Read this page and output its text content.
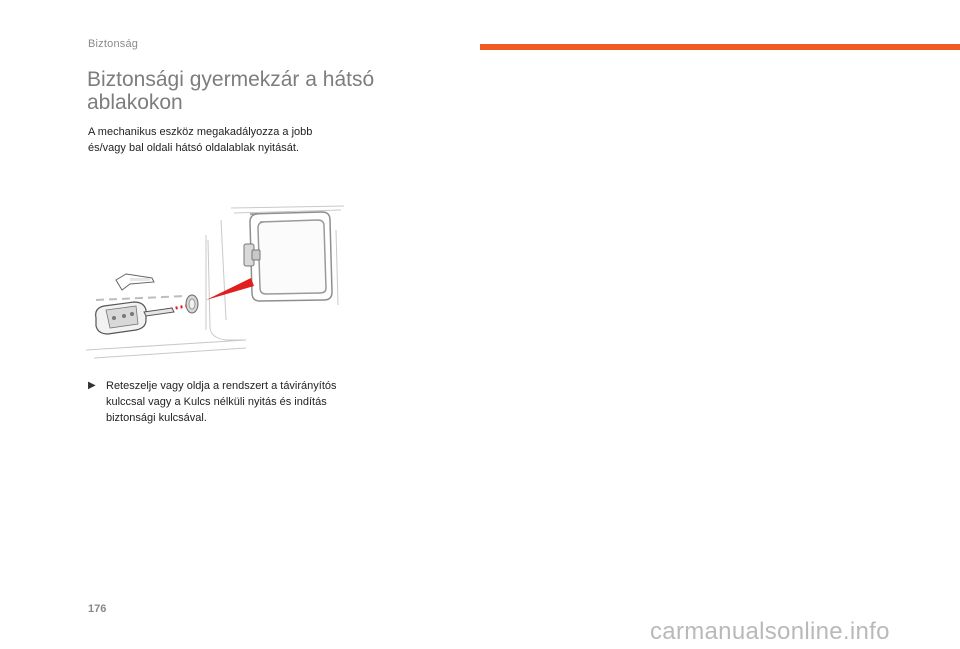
Biztonság
Biztonsági gyermekzár a hátsó ablakokon

A mechanikus eszköz megakadályozza a jobb és/vagy bal oldali hátsó oldalablak nyitását.

▶ Reteszelje vagy oldja a rendszert a távirányítós kulccsal vagy a Kulcs nélküli nyitás és indítás biztonsági kulcsával.
176
carmanualsonline.info
